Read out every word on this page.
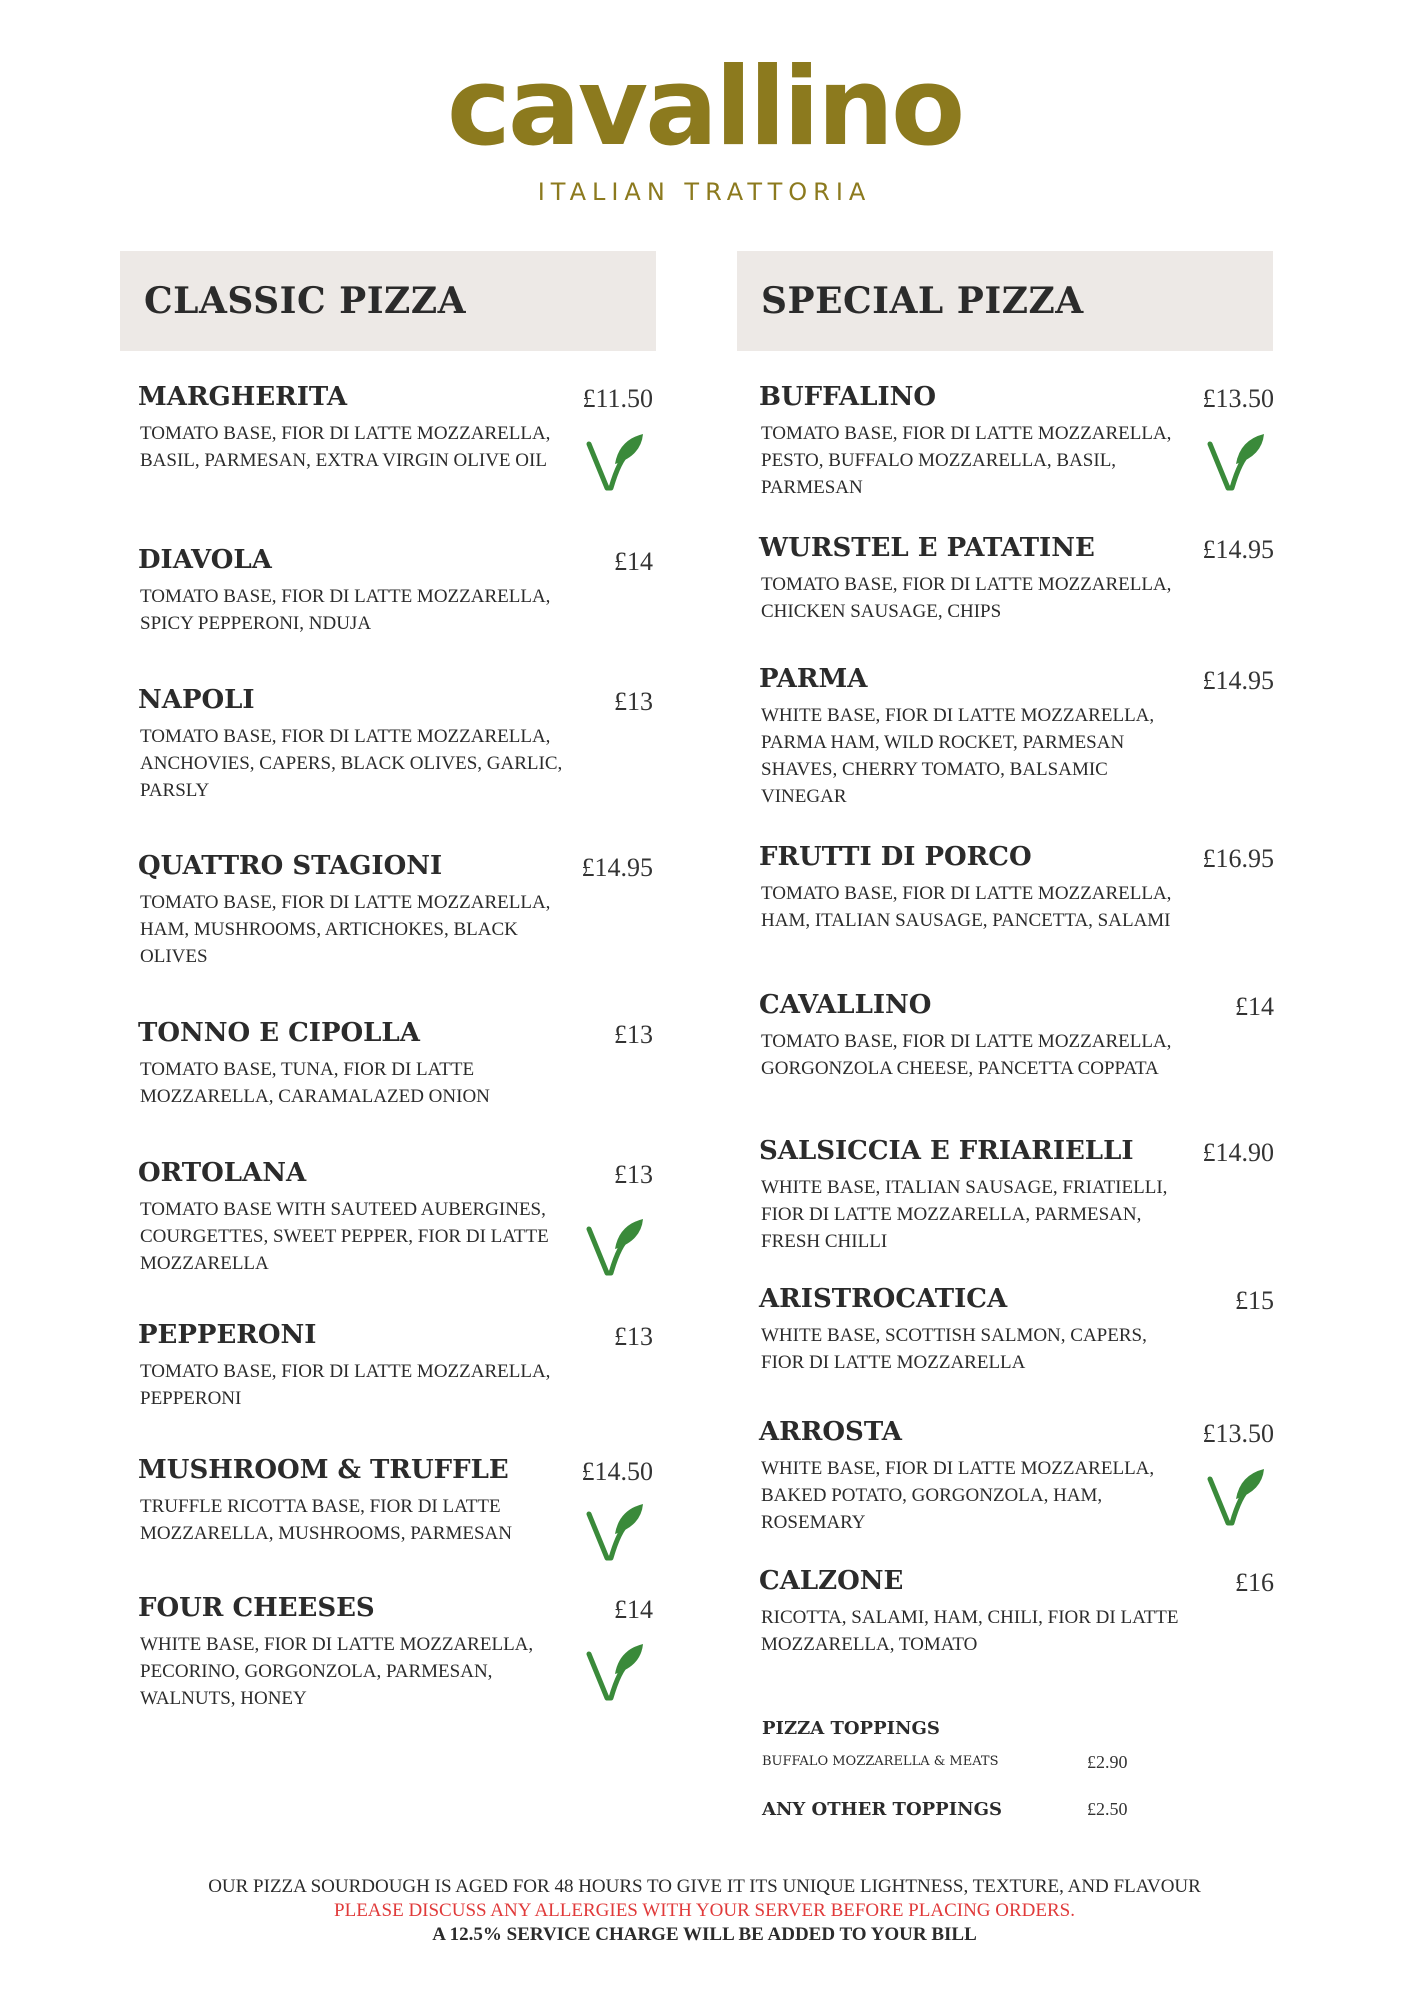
cavallino
ITALIAN TRATTORIA
CLASSIC PIZZA	SPECIAL PIZZA
MARGHERITA	£11.50
TOMATO BASE, FIOR DI LATTE MOZZARELLA, BASIL, PARMESAN, EXTRA VIRGIN OLIVE OIL
DIAVOLA	£14
TOMATO BASE, FIOR DI LATTE MOZZARELLA, SPICY PEPPERONI, NDUJA
NAPOLI	£13
TOMATO BASE, FIOR DI LATTE MOZZARELLA, ANCHOVIES, CAPERS, BLACK OLIVES, GARLIC, PARSLY
QUATTRO STAGIONI	£14.95
TOMATO BASE, FIOR DI LATTE MOZZARELLA, HAM, MUSHROOMS, ARTICHOKES, BLACK OLIVES
TONNO E CIPOLLA	£13
TOMATO BASE, TUNA, FIOR DI LATTE MOZZARELLA, CARAMALAZED ONION
ORTOLANA	£13
TOMATO BASE WITH SAUTEED AUBERGINES, COURGETTES, SWEET PEPPER, FIOR DI LATTE MOZZARELLA
PEPPERONI	£13
TOMATO BASE, FIOR DI LATTE MOZZARELLA, PEPPERONI
MUSHROOM & TRUFFLE	£14.50
TRUFFLE RICOTTA BASE, FIOR DI LATTE MOZZARELLA, MUSHROOMS, PARMESAN
FOUR CHEESES	£14
WHITE BASE, FIOR DI LATTE MOZZARELLA, PECORINO, GORGONZOLA, PARMESAN, WALNUTS, HONEY
BUFFALINO	£13.50
TOMATO BASE, FIOR DI LATTE MOZZARELLA, PESTO, BUFFALO MOZZARELLA, BASIL, PARMESAN
WURSTEL E PATATINE	£14.95
TOMATO BASE, FIOR DI LATTE MOZZARELLA, CHICKEN SAUSAGE, CHIPS
PARMA	£14.95
WHITE BASE, FIOR DI LATTE MOZZARELLA, PARMA HAM, WILD ROCKET, PARMESAN SHAVES, CHERRY TOMATO, BALSAMIC VINEGAR
FRUTTI DI PORCO	£16.95
TOMATO BASE, FIOR DI LATTE MOZZARELLA, HAM, ITALIAN SAUSAGE, PANCETTA, SALAMI
CAVALLINO	£14
TOMATO BASE, FIOR DI LATTE MOZZARELLA, GORGONZOLA CHEESE, PANCETTA COPPATA
SALSICCIA E FRIARIELLI	£14.90
WHITE BASE, ITALIAN SAUSAGE, FRIATIELLI, FIOR DI LATTE MOZZARELLA, PARMESAN, FRESH CHILLI
ARISTROCATICA	£15
WHITE BASE, SCOTTISH SALMON, CAPERS, FIOR DI LATTE MOZZARELLA
ARROSTA	£13.50
WHITE BASE, FIOR DI LATTE MOZZARELLA, BAKED POTATO, GORGONZOLA, HAM, ROSEMARY
CALZONE	£16
RICOTTA, SALAMI, HAM, CHILI, FIOR DI LATTE MOZZARELLA, TOMATO
PIZZA TOPPINGS
BUFFALO MOZZARELLA & MEATS	£2.90
ANY OTHER TOPPINGS	£2.50
OUR PIZZA SOURDOUGH IS AGED FOR 48 HOURS TO GIVE IT ITS UNIQUE LIGHTNESS, TEXTURE, AND FLAVOUR
PLEASE DISCUSS ANY ALLERGIES WITH YOUR SERVER BEFORE PLACING ORDERS.
A 12.5% SERVICE CHARGE WILL BE ADDED TO YOUR BILL
